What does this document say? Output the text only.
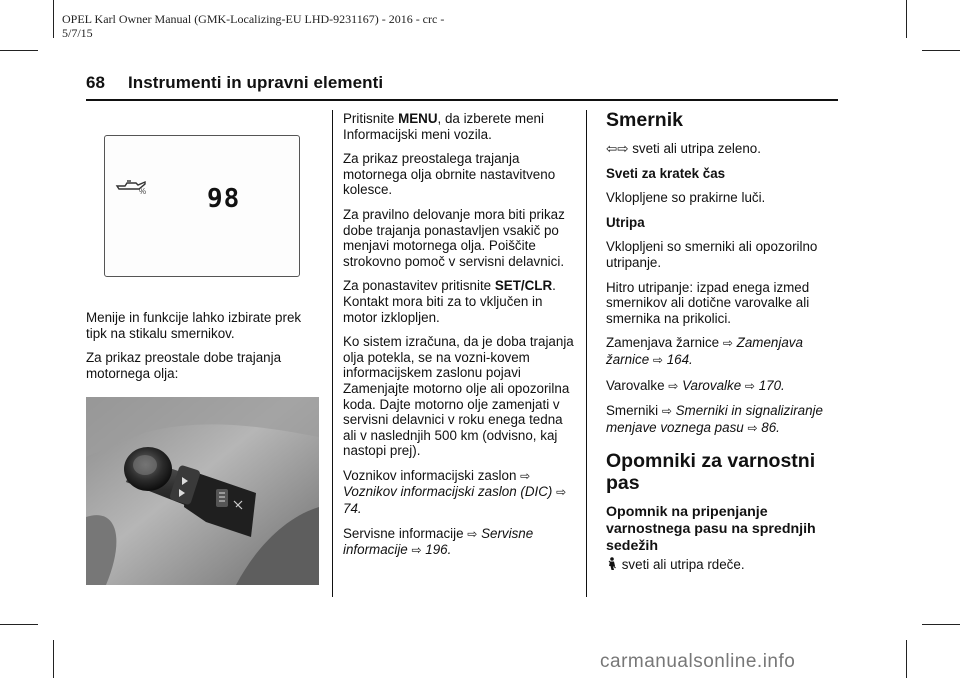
OPEL Karl Owner Manual (GMK-Localizing-EU LHD-9231167) - 2016 - crc -
5/7/15
68 Instrumenti in upravni elementi
% 98

Menije in funkcije lahko izbirate prek tipk na stikalu smernikov.

Za prikaz preostale dobe trajanja motornega olja:

Pritisnite MENU, da izberete meni Informacijski meni vozila.

Za prikaz preostalega trajanja motornega olja obrnite nastavitveno kolesce.

Za pravilno delovanje mora biti prikaz dobe trajanja ponastavljen vsakič po menjavi motornega olja. Poiščite strokovno pomoč v servisni delavnici.

Za ponastavitev pritisnite SET/CLR. Kontakt mora biti za to vključen in motor izklopljen.

Ko sistem izračuna, da je doba trajanja olja potekla, se na vozni-kovem informacijskem zaslonu pojavi Zamenjajte motorno olje ali opozorilna koda. Dajte motorno olje zamenjati v servisni delavnici v roku enega tedna ali v naslednjih 500 km (odvisno, kaj nastopi prej).

Voznikov informacijski zaslon ⇨
Voznikov informacijski zaslon (DIC) ⇨ 74.

Servisne informacije ⇨ Servisne informacije ⇨ 196.

Smernik

⇦⇨ sveti ali utripa zeleno.

Sveti za kratek čas

Vklopljene so prakirne luči.

Utripa

Vklopljeni so smerniki ali opozorilno utripanje.

Hitro utripanje: izpad enega izmed smernikov ali dotične varovalke ali smernika na prikolici.

Zamenjava žarnice ⇨ Zamenjava žarnice ⇨ 164.

Varovalke ⇨ Varovalke ⇨ 170.

Smerniki ⇨ Smerniki in signaliziranje menjave voznega pasu ⇨ 86.

Opomniki za varnostni pas
Opomnik na pripenjanje varnostnega pasu na sprednjih sedežih

sveti ali utripa rdeče.

carmanualsonline.info
